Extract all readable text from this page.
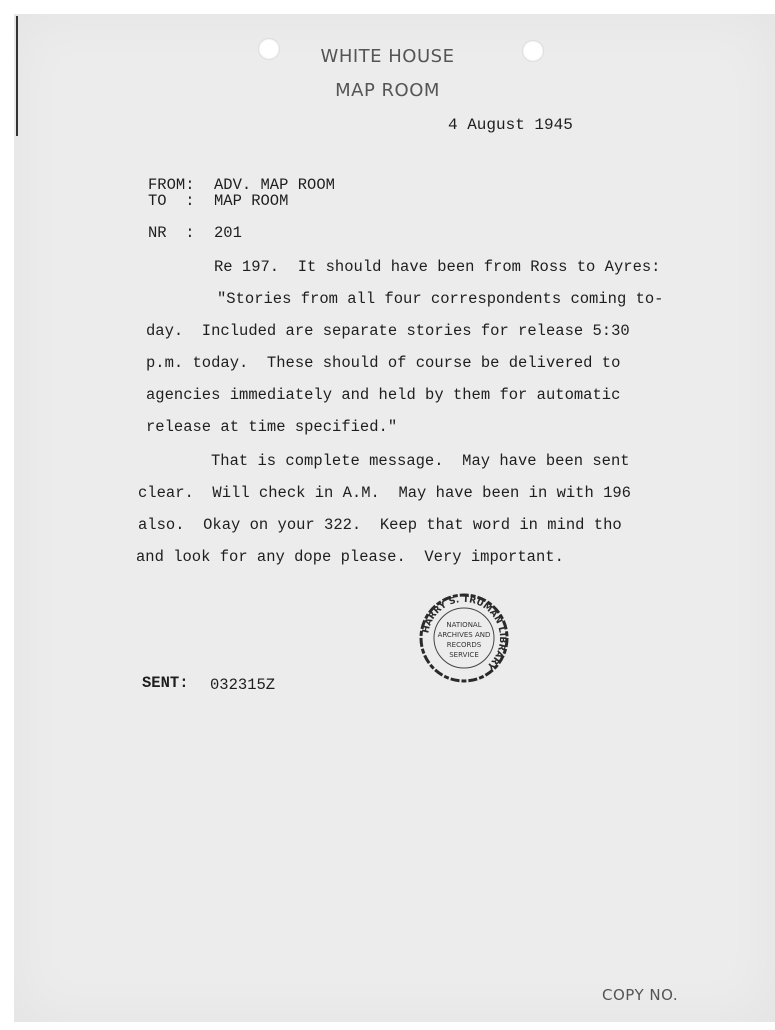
WHITE HOUSE
MAP ROOM
4 August 1945
FROM: ADV. MAP ROOM
TO  : MAP ROOM
NR  : 201
Re 197.  It should have been from Ross to Ayres:
"Stories from all four correspondents coming to-
day.  Included are separate stories for release 5:30
p.m. today.  These should of course be delivered to
agencies immediately and held by them for automatic
release at time specified."
That is complete message.  May have been sent
clear.  Will check in A.M.  May have been in with 196
also.  Okay on your 322.  Keep that word in mind tho
and look for any dope please.  Very important.
HARRY S. TRUMAN LIBRARY
NATIONAL
ARCHIVES AND
RECORDS
SERVICE
SENT: 032315Z
COPY NO.
